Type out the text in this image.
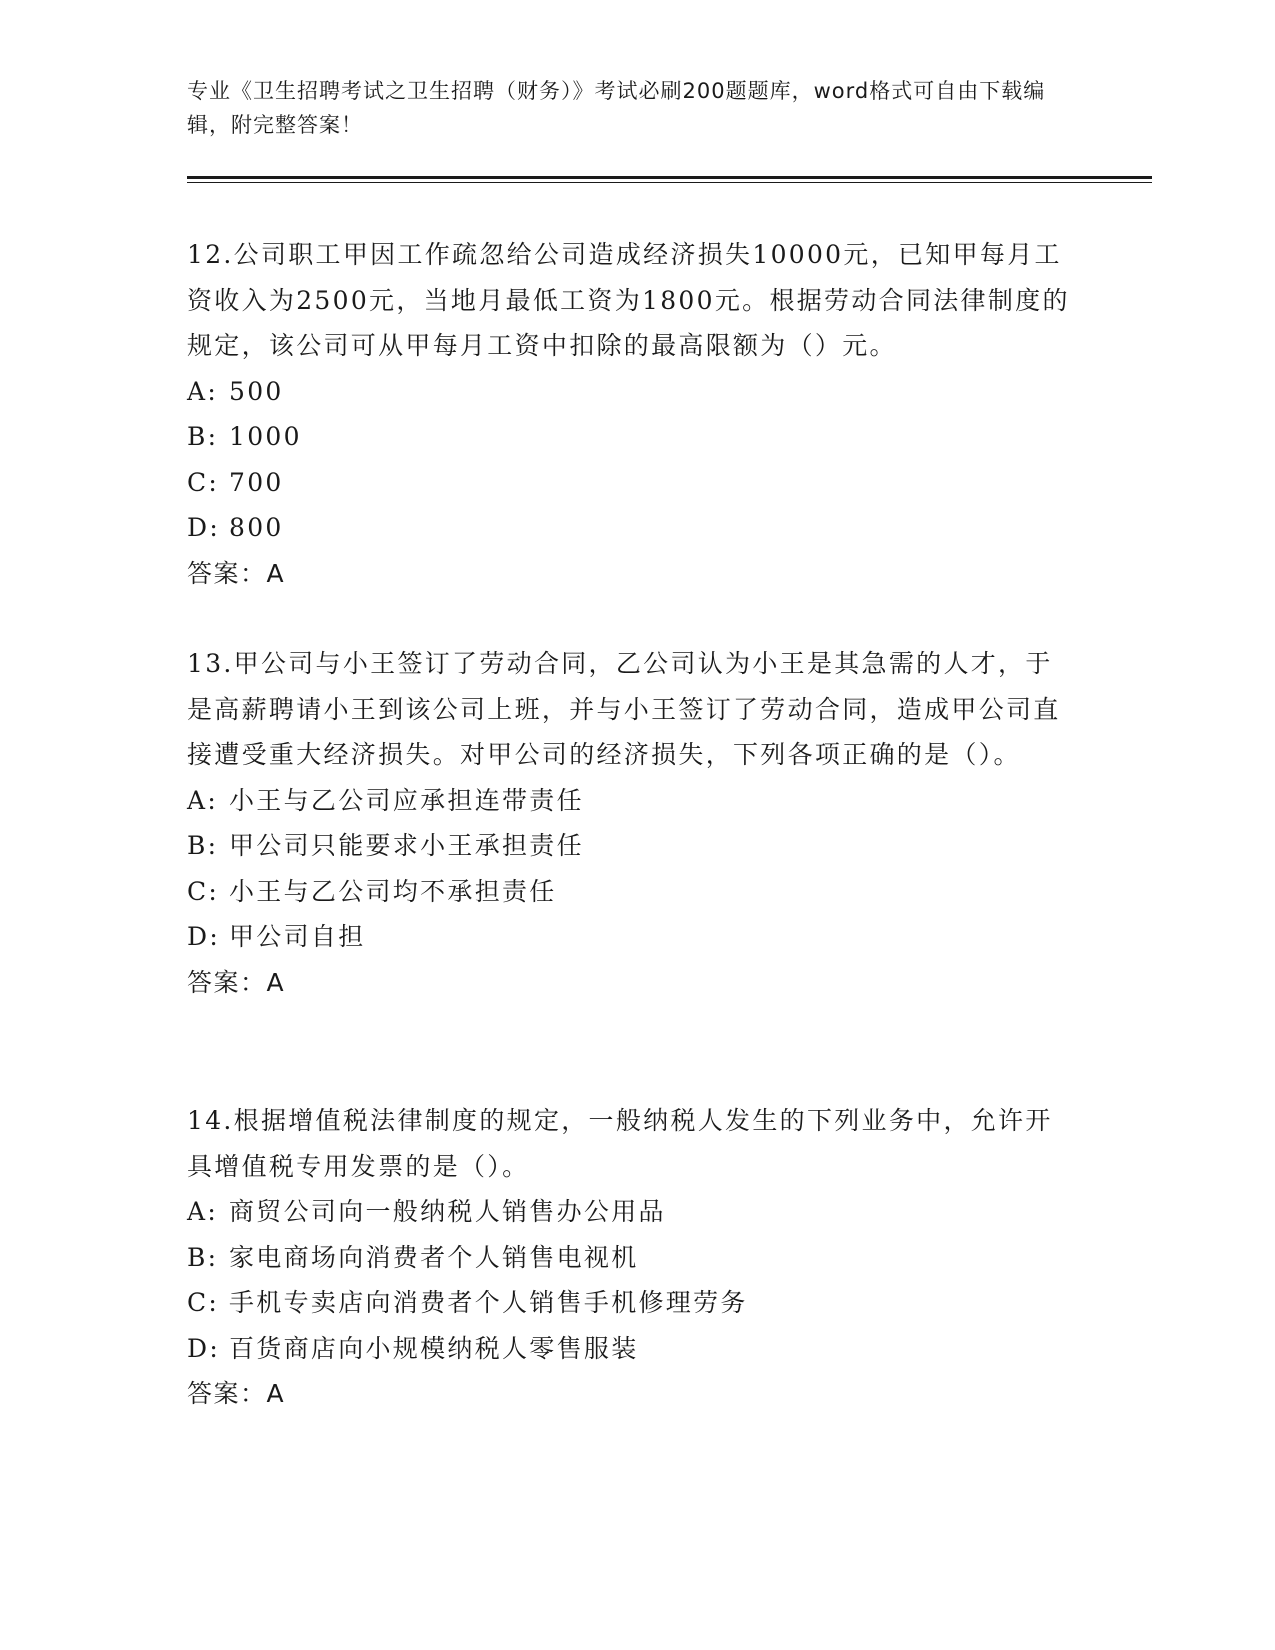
专业《卫生招聘考试之卫生招聘（财务）》考试必刷200题题库，word格式可自由下载编辑，附完整答案！

12.公司职工甲因工作疏忽给公司造成经济损失10000元，已知甲每月工资收入为2500元，当地月最低工资为1800元。根据劳动合同法律制度的规定，该公司可从甲每月工资中扣除的最高限额为（）元。

A: 500

B: 1000

C: 700

D: 800

答案：A

13.甲公司与小王签订了劳动合同，乙公司认为小王是其急需的人才，于是高薪聘请小王到该公司上班，并与小王签订了劳动合同，造成甲公司直接遭受重大经济损失。对甲公司的经济损失，下列各项正确的是（）。

A: 小王与乙公司应承担连带责任

B: 甲公司只能要求小王承担责任

C: 小王与乙公司均不承担责任

D: 甲公司自担

答案：A

14.根据增值税法律制度的规定，一般纳税人发生的下列业务中，允许开具增值税专用发票的是（）。

A: 商贸公司向一般纳税人销售办公用品

B: 家电商场向消费者个人销售电视机

C: 手机专卖店向消费者个人销售手机修理劳务

D: 百货商店向小规模纳税人零售服装

答案：A
